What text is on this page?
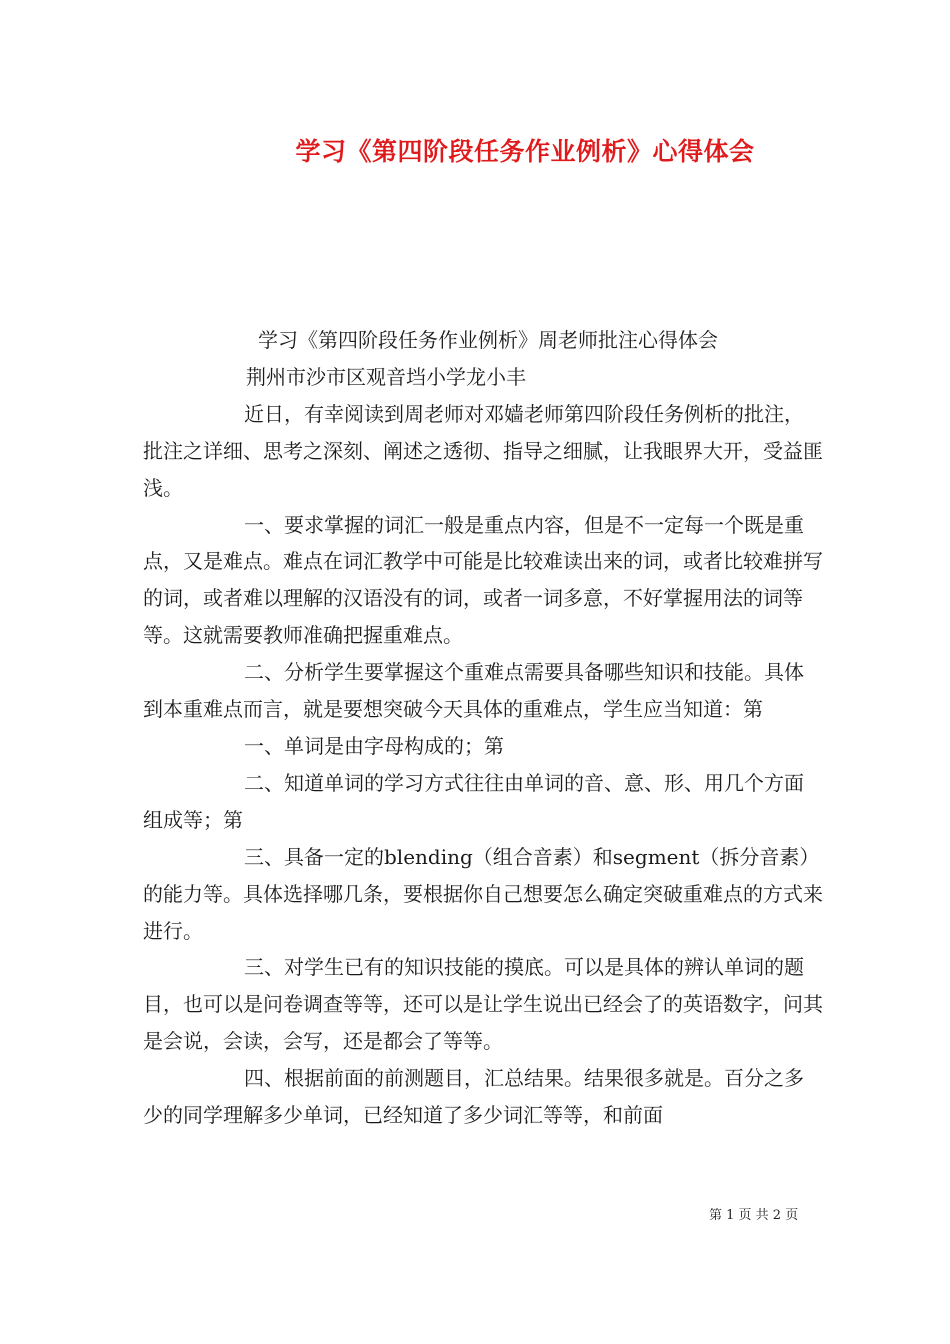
学习《第四阶段任务作业例析》心得体会

学习《第四阶段任务作业例析》周老师批注心得体会

荆州市沙市区观音垱小学龙小丰

近日，有幸阅读到周老师对邓嫱老师第四阶段任务例析的批注，批注之详细、思考之深刻、阐述之透彻、指导之细腻，让我眼界大开，受益匪浅。

一、要求掌握的词汇一般是重点内容，但是不一定每一个既是重点，又是难点。难点在词汇教学中可能是比较难读出来的词，或者比较难拼写的词，或者难以理解的汉语没有的词，或者一词多意，不好掌握用法的词等等。这就需要教师准确把握重难点。

二、分析学生要掌握这个重难点需要具备哪些知识和技能。具体到本重难点而言，就是要想突破今天具体的重难点，学生应当知道：第

一、单词是由字母构成的；第

二、知道单词的学习方式往往由单词的音、意、形、用几个方面组成等；第

三、具备一定的blending（组合音素）和segment（拆分音素）的能力等。具体选择哪几条，要根据你自己想要怎么确定突破重难点的方式来进行。

三、对学生已有的知识技能的摸底。可以是具体的辨认单词的题目，也可以是问卷调查等等，还可以是让学生说出已经会了的英语数字，问其是会说，会读，会写，还是都会了等等。

四、根据前面的前测题目，汇总结果。结果很多就是。百分之多少的同学理解多少单词，已经知道了多少词汇等等，和前面

第 1 页 共 2 页
